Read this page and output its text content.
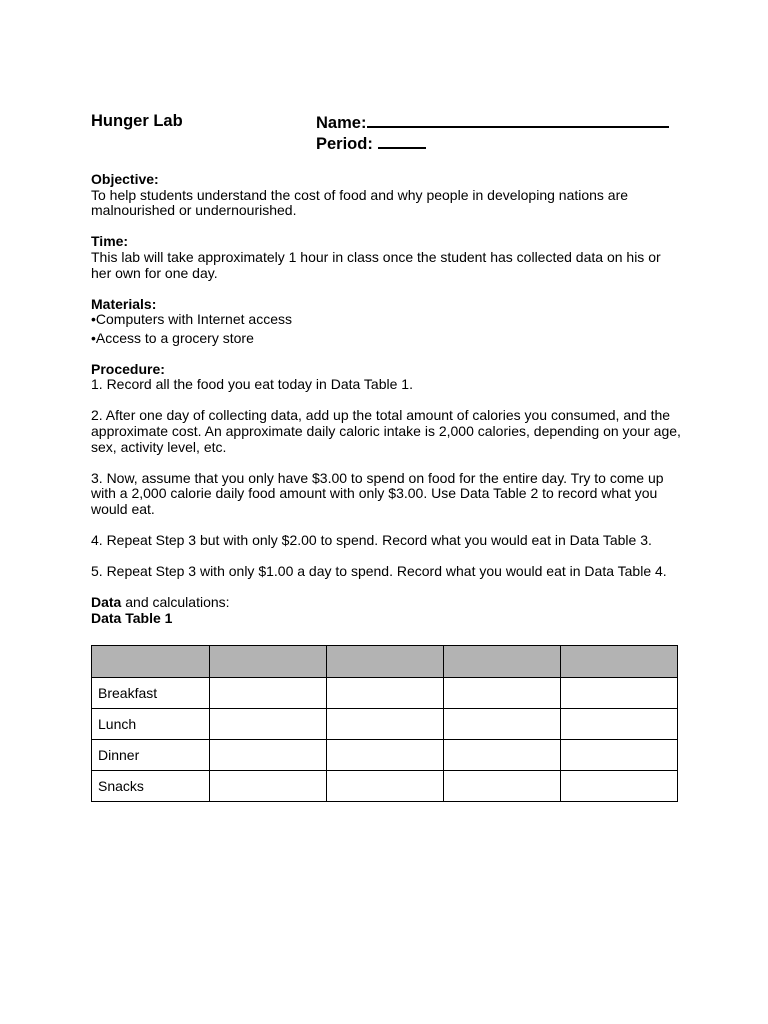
Hunger Lab	Name:
Period:

Objective:

To help students understand the cost of food and why people in developing nations are malnourished or undernourished.

Time:

This lab will take approximately 1 hour in class once the student has collected data on his or her own for one day.

Materials:

•Computers with Internet access

•Access to a grocery store

Procedure:

1. Record all the food you eat today in Data Table 1.

2. After one day of collecting data, add up the total amount of calories you consumed, and the approximate cost. An approximate daily caloric intake is 2,000 calories, depending on your age, sex, activity level, etc.

3. Now, assume that you only have $3.00 to spend on food for the entire day. Try to come up with a 2,000 calorie daily food amount with only $3.00. Use Data Table 2 to record what you would eat.

4. Repeat Step 3 but with only $2.00 to spend. Record what you would eat in Data Table 3.

5. Repeat Step 3 with only $1.00 a day to spend. Record what you would eat in Data Table 4.

Data and calculations:

Data Table 1

Breakfast				
Lunch				
Dinner				
Snacks				
